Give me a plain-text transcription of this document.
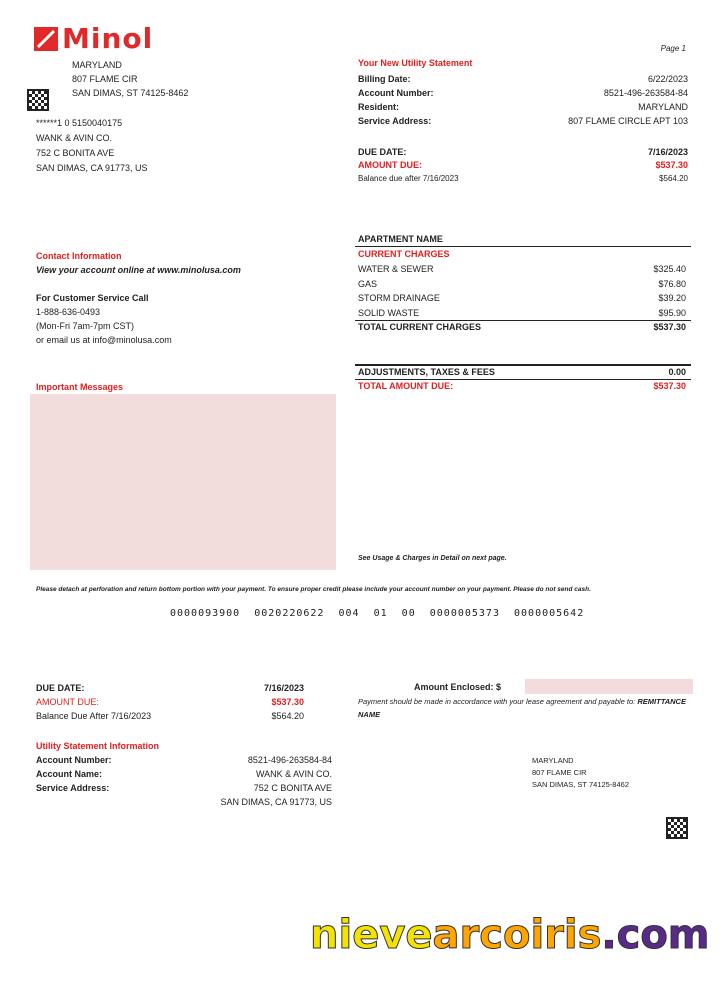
Minol	Page 1
MARYLAND
807 FLAME CIR
SAN DIMAS, ST 74125-8462
******1 0 5150040175
WANK & AVIN CO.
752 C BONITA AVE
SAN DIMAS, CA 91773, US
Your New Utility Statement
Billing Date:	6/22/2023
Account Number:	8521-496-263584-84
Resident:	MARYLAND
Service Address:	807 FLAME CIRCLE APT 103
DUE DATE:	7/16/2023
AMOUNT DUE:	$537.30
Balance due after 7/16/2023	$564.20
Contact Information
View your account online at www.minolusa.com
For Customer Service Call
1-888-636-0493
(Mon-Fri 7am-7pm CST)
or email us at info@minolusa.com
Important Messages
APARTMENT NAME
CURRENT CHARGES
WATER & SEWER	$325.40
GAS	$76.80
STORM DRAINAGE	$39.20
SOLID WASTE	$95.90
TOTAL CURRENT CHARGES	$537.30
ADJUSTMENTS, TAXES & FEES	0.00
TOTAL AMOUNT DUE:	$537.30
See Usage & Charges in Detail on next page.
Please detach at perforation and return bottom portion with your payment. To ensure proper credit please include your account number on your payment. Please do not send cash.
0000093900  0020220622  004  01  00  0000005373  0000005642
DUE DATE:	7/16/2023
AMOUNT DUE:	$537.30
Balance Due After 7/16/2023	$564.20
Amount Enclosed: $
Payment should be made in accordance with your lease agreement and payable to: REMITTANCE NAME
Utility Statement Information
Account Number:	8521-496-263584-84
Account Name:	WANK & AVIN CO.
Service Address:	752 C BONITA AVE
SAN DIMAS, CA 91773, US
MARYLAND
807 FLAME CIR
SAN DIMAS, ST 74125-8462
nievearcoiris.com
